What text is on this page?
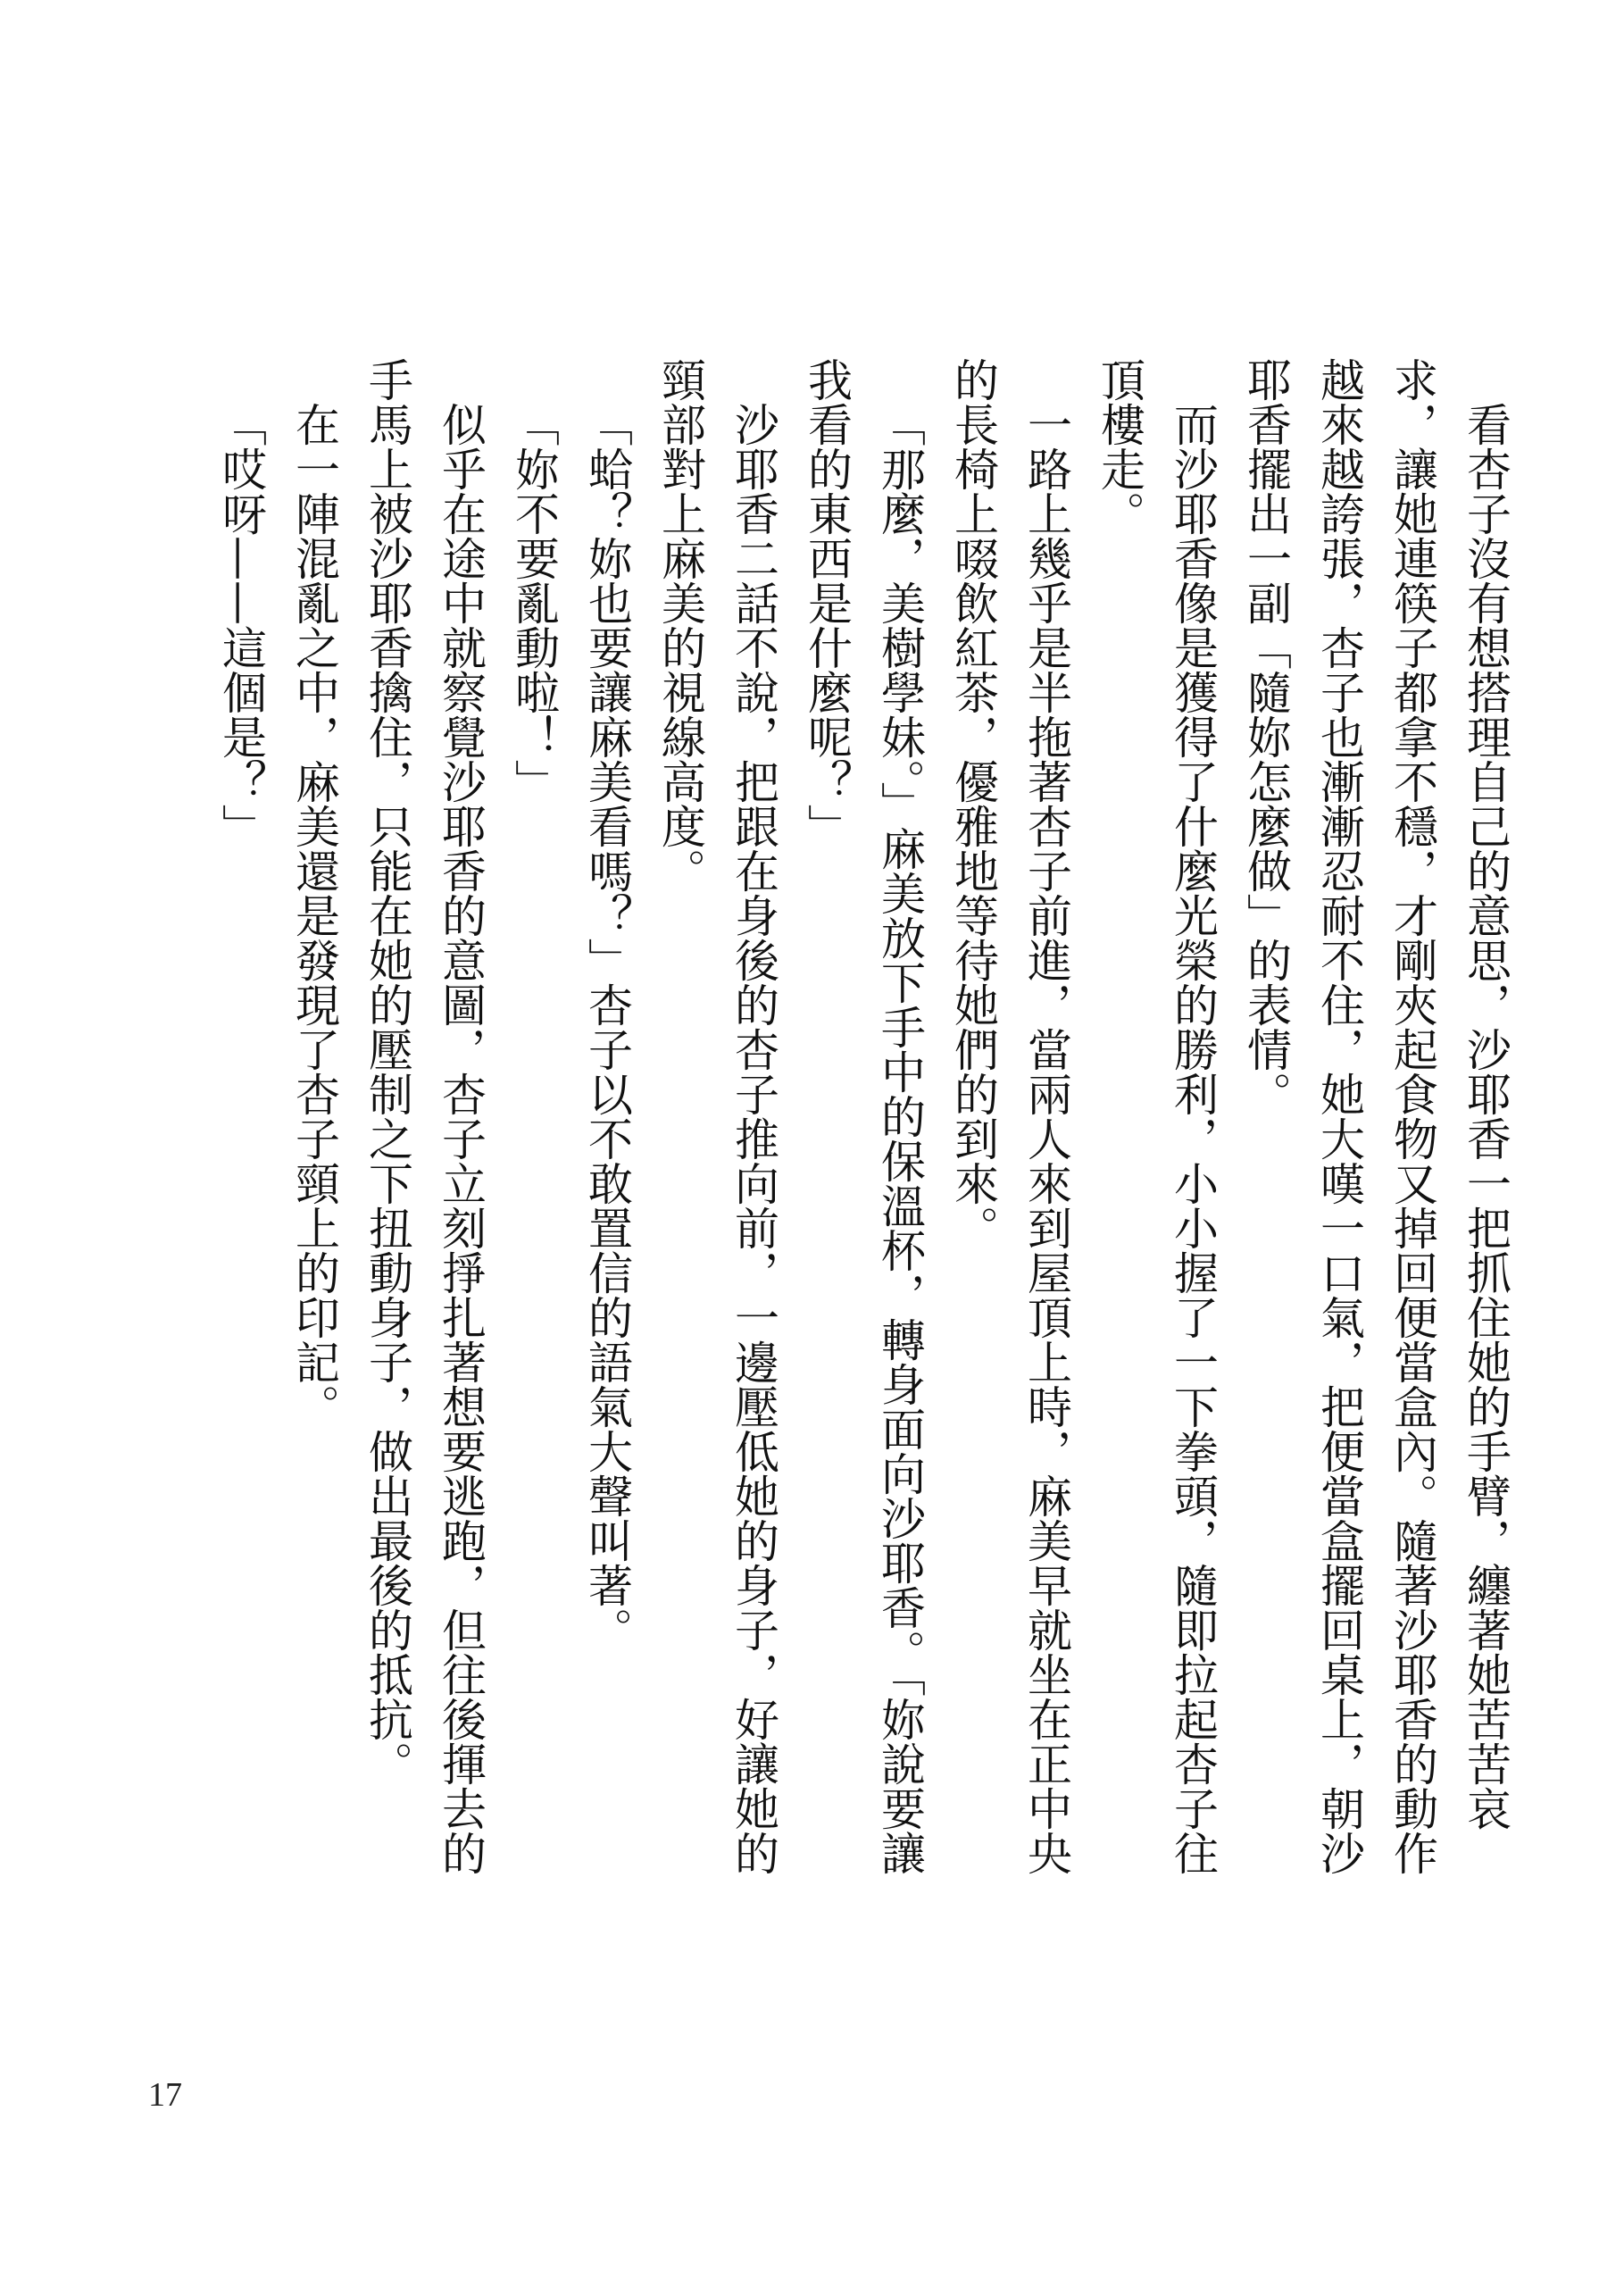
看杏子沒有想搭理自己的意思，沙耶香一把抓住她的手臂，纏著她苦苦哀求，讓她連筷子都拿不穩，才剛夾起食物又掉回便當盒內。隨著沙耶香的動作越來越誇張，杏子也漸漸忍耐不住，她大嘆一口氣，把便當盒擺回桌上，朝沙耶香擺出一副「隨妳怎麼做」的表情。

而沙耶香像是獲得了什麼光榮的勝利，小小握了一下拳頭，隨即拉起杏子往頂樓走。

一路上幾乎是半拖著杏子前進，當兩人來到屋頂上時，麻美早就坐在正中央的長椅上啜飲紅茶，優雅地等待她們的到來。

「那麼，美樹學妹。」麻美放下手中的保溫杯，轉身面向沙耶香。「妳說要讓我看的東西是什麼呢？」

沙耶香二話不說，把跟在身後的杏子推向前，一邊壓低她的身子，好讓她的頸部對上麻美的視線高度。

「蛤？妳也要讓麻美看嗎？」杏子以不敢置信的語氣大聲叫著。

「妳不要亂動啦！」

似乎在途中就察覺沙耶香的意圖，杏子立刻掙扎著想要逃跑，但往後揮去的手馬上被沙耶香擒住，只能在她的壓制之下扭動身子，做出最後的抵抗。

在一陣混亂之中，麻美還是發現了杏子頸上的印記。

「哎呀——這個是？」

17
